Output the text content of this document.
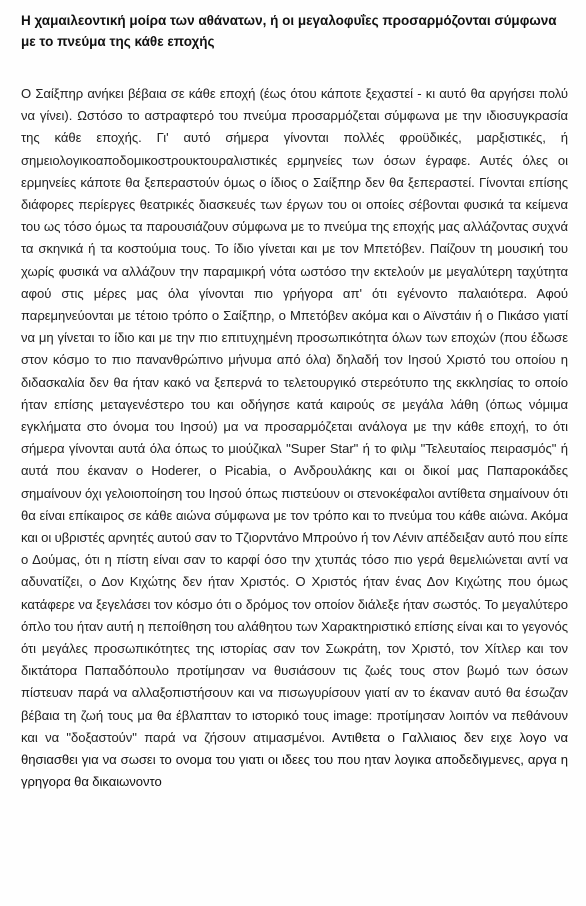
Η χαμαιλεοντική μοίρα των αθάνατων, ή οι μεγαλοφυΐες προσαρμόζονται σύμφωνα με το πνεύμα της κάθε εποχής

Ο Σαίξπηρ ανήκει βέβαια σε κάθε εποχή (έως ότου κάποτε ξεχαστεί - κι αυτό θα αργήσει πολύ να γίνει). Ωστόσο το αστραφτερό του πνεύμα προσαρμόζεται σύμφωνα με την ιδιοσυγκρασία της κάθε εποχής. Γι' αυτό σήμερα γίνονται πολλές φροϋδικές, μαρξιστικές, ή σημειολογικοαποδομικοστρουκτουραλιστικές ερμηνείες των όσων έγραφε. Αυτές όλες οι ερμηνείες κάποτε θα ξεπεραστούν όμως ο ίδιος ο Σαίξπηρ δεν θα ξεπεραστεί. Γίνονται επίσης διάφορες περίεργες θεατρικές διασκευές των έργων του οι οποίες σέβονται φυσικά τα κείμενα του ως τόσο όμως τα παρουσιάζουν σύμφωνα με το πνεύμα της εποχής μας αλλάζοντας συχνά τα σκηνικά ή τα κοστούμια τους. Το ίδιο γίνεται και με τον Μπετόβεν. Παίζουν τη μουσική του χωρίς φυσικά να αλλάζουν την παραμικρή νότα ωστόσο την εκτελούν με μεγαλύτερη ταχύτητα αφού στις μέρες μας όλα γίνονται πιο γρήγορα απ' ότι εγένοντο παλαιότερα. Αφού παρεμηνεύονται με τέτοιο τρόπο ο Σαίξπηρ, ο Μπετόβεν ακόμα και ο Αϊνστάιν ή ο Πικάσο γιατί να μη γίνεται το ίδιο και με την πιο επιτυχημένη προσωπικότητα όλων των εποχών (που έδωσε στον κόσμο το πιο πανανθρώπινο μήνυμα από όλα) δηλαδή τον Ιησού Χριστό του οποίου η διδασκαλία δεν θα ήταν κακό να ξεπερνά το τελετουργικό στερεότυπο της εκκλησίας το οποίο ήταν επίσης μεταγενέστερο του και οδήγησε κατά καιρούς σε μεγάλα λάθη (όπως νόμιμα εγκλήματα στο όνομα του Ιησού) μα να προσαρμόζεται ανάλογα με την κάθε εποχή, το ότι σήμερα γίνονται αυτά όλα όπως το μιούζικαλ "Super Star" ή το φιλμ "Τελευταίος πειρασμός" ή αυτά που έκαναν ο Hoderer, ο Picabia, ο Ανδρουλάκης και οι δικοί μας Παπαροκάδες σημαίνουν όχι γελοιοποίηση του Ιησού όπως πιστεύουν οι στενοκέφαλοι αντίθετα σημαίνουν ότι θα είναι επίκαιρος σε κάθε αιώνα σύμφωνα με τον τρόπο και το πνεύμα του κάθε αιώνα. Ακόμα και οι υβριστές αρνητές αυτού σαν το Τζιορντάνο Μπρούνο ή τον Λένιν απέδειξαν αυτό που είπε ο Δούμας, ότι η πίστη είναι σαν το καρφί όσο την χτυπάς τόσο πιο γερά θεμελιώνεται αντί να αδυνατίζει, ο Δον Κιχώτης δεν ήταν Χριστός. Ο Χριστός ήταν ένας Δον Κιχώτης που όμως κατάφερε να ξεγελάσει τον κόσμο ότι ο δρόμος τον οποίον διάλεξε ήταν σωστός. Το μεγαλύτερο όπλο του ήταν αυτή η πεποίθηση του αλάθητου των Χαρακτηριστικό επίσης είναι και το γεγονός ότι μεγάλες προσωπικότητες της ιστορίας σαν τον Σωκράτη, τον Χριστό, τον Χίτλερ και τον δικτάτορα Παπαδόπουλο προτίμησαν να θυσιάσουν τις ζωές τους στον βωμό των όσων πίστευαν παρά να αλλαξοπιστήσουν και να πισωγυρίσουν γιατί αν το έκαναν αυτό θα έσωζαν βέβαια τη ζωή τους μα θα έβλαπταν το ιστορικό τους image: προτίμησαν λοιπόν να πεθάνουν και να "δοξαστούν" παρά να ζήσουν ατιμασμένοι. Αντιθετα ο Γαλλιαιος δεν ειχε λογο να θησιασθει για να σωσει το ονομα του γιατι οι ιδεες του που ηταν λογικα αποδεδιγμενες, αργα η γρηγορα θα δικαιωνοντο
